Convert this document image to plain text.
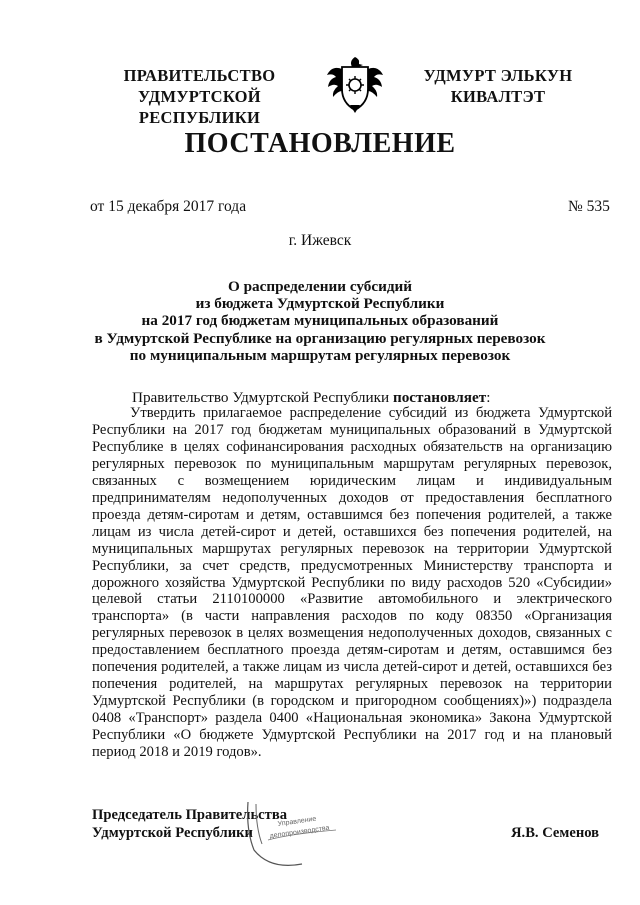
ПРАВИТЕЛЬСТВО
УДМУРТСКОЙ РЕСПУБЛИКИ
УДМУРТ ЭЛЬКУН
КИВАЛТЭТ
ПОСТАНОВЛЕНИЕ
от 15 декабря 2017 года	№ 535
г. Ижевск
О распределении субсидий
из бюджета Удмуртской Республики
на 2017 год бюджетам муниципальных образований
в Удмуртской Республике на организацию регулярных перевозок
по муниципальным маршрутам регулярных перевозок
Правительство Удмуртской Республики постановляет:

Утвердить прилагаемое распределение субсидий из бюджета Удмуртской Республики на 2017 год бюджетам муниципальных образований в Удмуртской Республике в целях софинансирования расходных обязательств на организацию регулярных перевозок по муниципальным маршрутам регулярных перевозок, связанных с возмещением юридическим лицам и индивидуальным предпринимателям недополученных доходов от предоставления бесплатного проезда детям-сиротам и детям, оставшимся без попечения родителей, а также лицам из числа детей-сирот и детей, оставшихся без попечения родителей, на муниципальных маршрутах регулярных перевозок на территории Удмуртской Республики, за счет средств, предусмотренных Министерству транспорта и дорожного хозяйства Удмуртской Республики по виду расходов 520 «Субсидии» целевой статьи 2110100000 «Развитие автомобильного и электрического транспорта» (в части направления расходов по коду 08350 «Организация регулярных перевозок в целях возмещения недополученных доходов, связанных с предоставлением бесплатного проезда детям-сиротам и детям, оставшимся без попечения родителей, а также лицам из числа детей-сирот и детей, оставшихся без попечения родителей, на маршрутах регулярных перевозок на территории Удмуртской Республики (в городском и пригородном сообщениях)») подраздела 0408 «Транспорт» раздела 0400 «Национальная экономика» Закона Удмуртской Республики «О бюджете Удмуртской Республики на 2017 год и на плановый период 2018 и 2019 годов».

Председатель Правительства
Удмуртской Республики	Я.В. Семенов
Управление
делопроизводства
